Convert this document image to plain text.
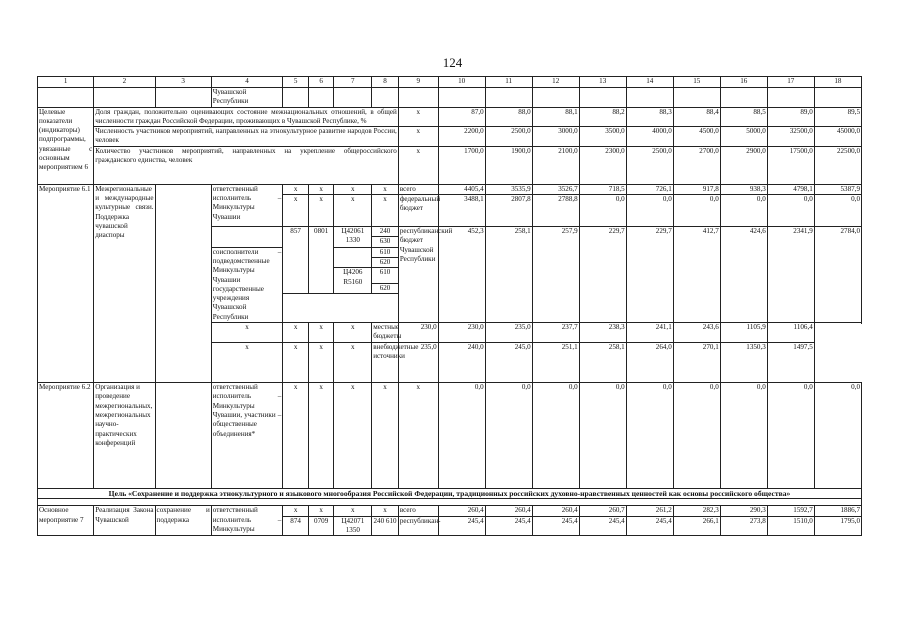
124
1	2	3	4	5	6	7	8	9	10	11	12	13	14	15	16	17	18
			Чувашской Республики														
Целевые показатели (индикаторы) подпрограммы, увязанные с основным мероприятием 6	Доля граждан, положительно оценивающих состояние межнациональных отношений, в общей численности граждан Российской Федерации, проживающих в Чувашской Республике, %							x	87,0	88,0	88,1	88,2	88,3	88,4	88,5	89,0	89,5
	Численность участников мероприятий, направленных на этнокультурное развитие народов России, человек							x	2200,0	2500,0	3000,0	3500,0	4000,0	4500,0	5000,0	32500,0	45000,0
	Количество участников мероприятий, направленных на укрепление общероссийского гражданского единства, человек							x	1700,0	1900,0	2100,0	2300,0	2500,0	2700,0	2900,0	17500,0	22500,0
Мероприятие 6.1	Межрегиональные и международные культурные связи. Поддержка чувашской диаспоры		ответственный исполнитель – Минкультуры Чувашии	x	x	x	x	всего	4405,4	3535,9	3526,7	718,5	726,1	917,8	938,3	4798,1	5387,9
				x	x	x	x	федеральный бюджет	3488,1	2807,8	2788,8	0,0	0,0	0,0	0,0	0,0	0,0
				857	0801	Ц42061 1330	240	республиканский бюджет Чувашской Республики	452,3	258,1	257,9	229,7	229,7	412,7	424,6	2341,9	2784,0
							630										
			соисполнители – подведомственные Минкультуры Чувашии государственные учреждения Чувашской Республики				610										
							620										
						Ц4206 R5160	610										
							620										

			x	x	x	x	местные бюджеты	230,0	230,0	235,0	237,7	238,3	241,1	243,6	1105,9	1106,4	
			x	x	x	x	внебюджетные источники	235,0	240,0	245,0	251,1	258,1	264,0	270,1	1350,3	1497,5	
Мероприятие 6.2	Организация и проведение межрегиональных, межрегиональных научно-практических конференций		ответственный исполнитель – Минкультуры Чувашии, участники – общественные объединения*	x	x	x	x	x	0,0	0,0	0,0	0,0	0,0	0,0	0,0	0,0	0,0
Цель «Сохранение и поддержка этнокультурного и языкового многообразия Российской Федерации, традиционных российских духовно-нравственных ценностей как основы российского общества»																	

Основное мероприятие 7	Реализация Закона Чувашской	сохранение и поддержка	ответственный исполнитель – Минкультуры	x	x	x	x	всего	260,4	260,4	260,4	260,7	261,2	282,3	290,3	1592,7	1886,7
				874	0709	Ц42071 1350	240 610	республикан-	245,4	245,4	245,4	245,4	245,4	266,1	273,8	1510,0	1795,0
